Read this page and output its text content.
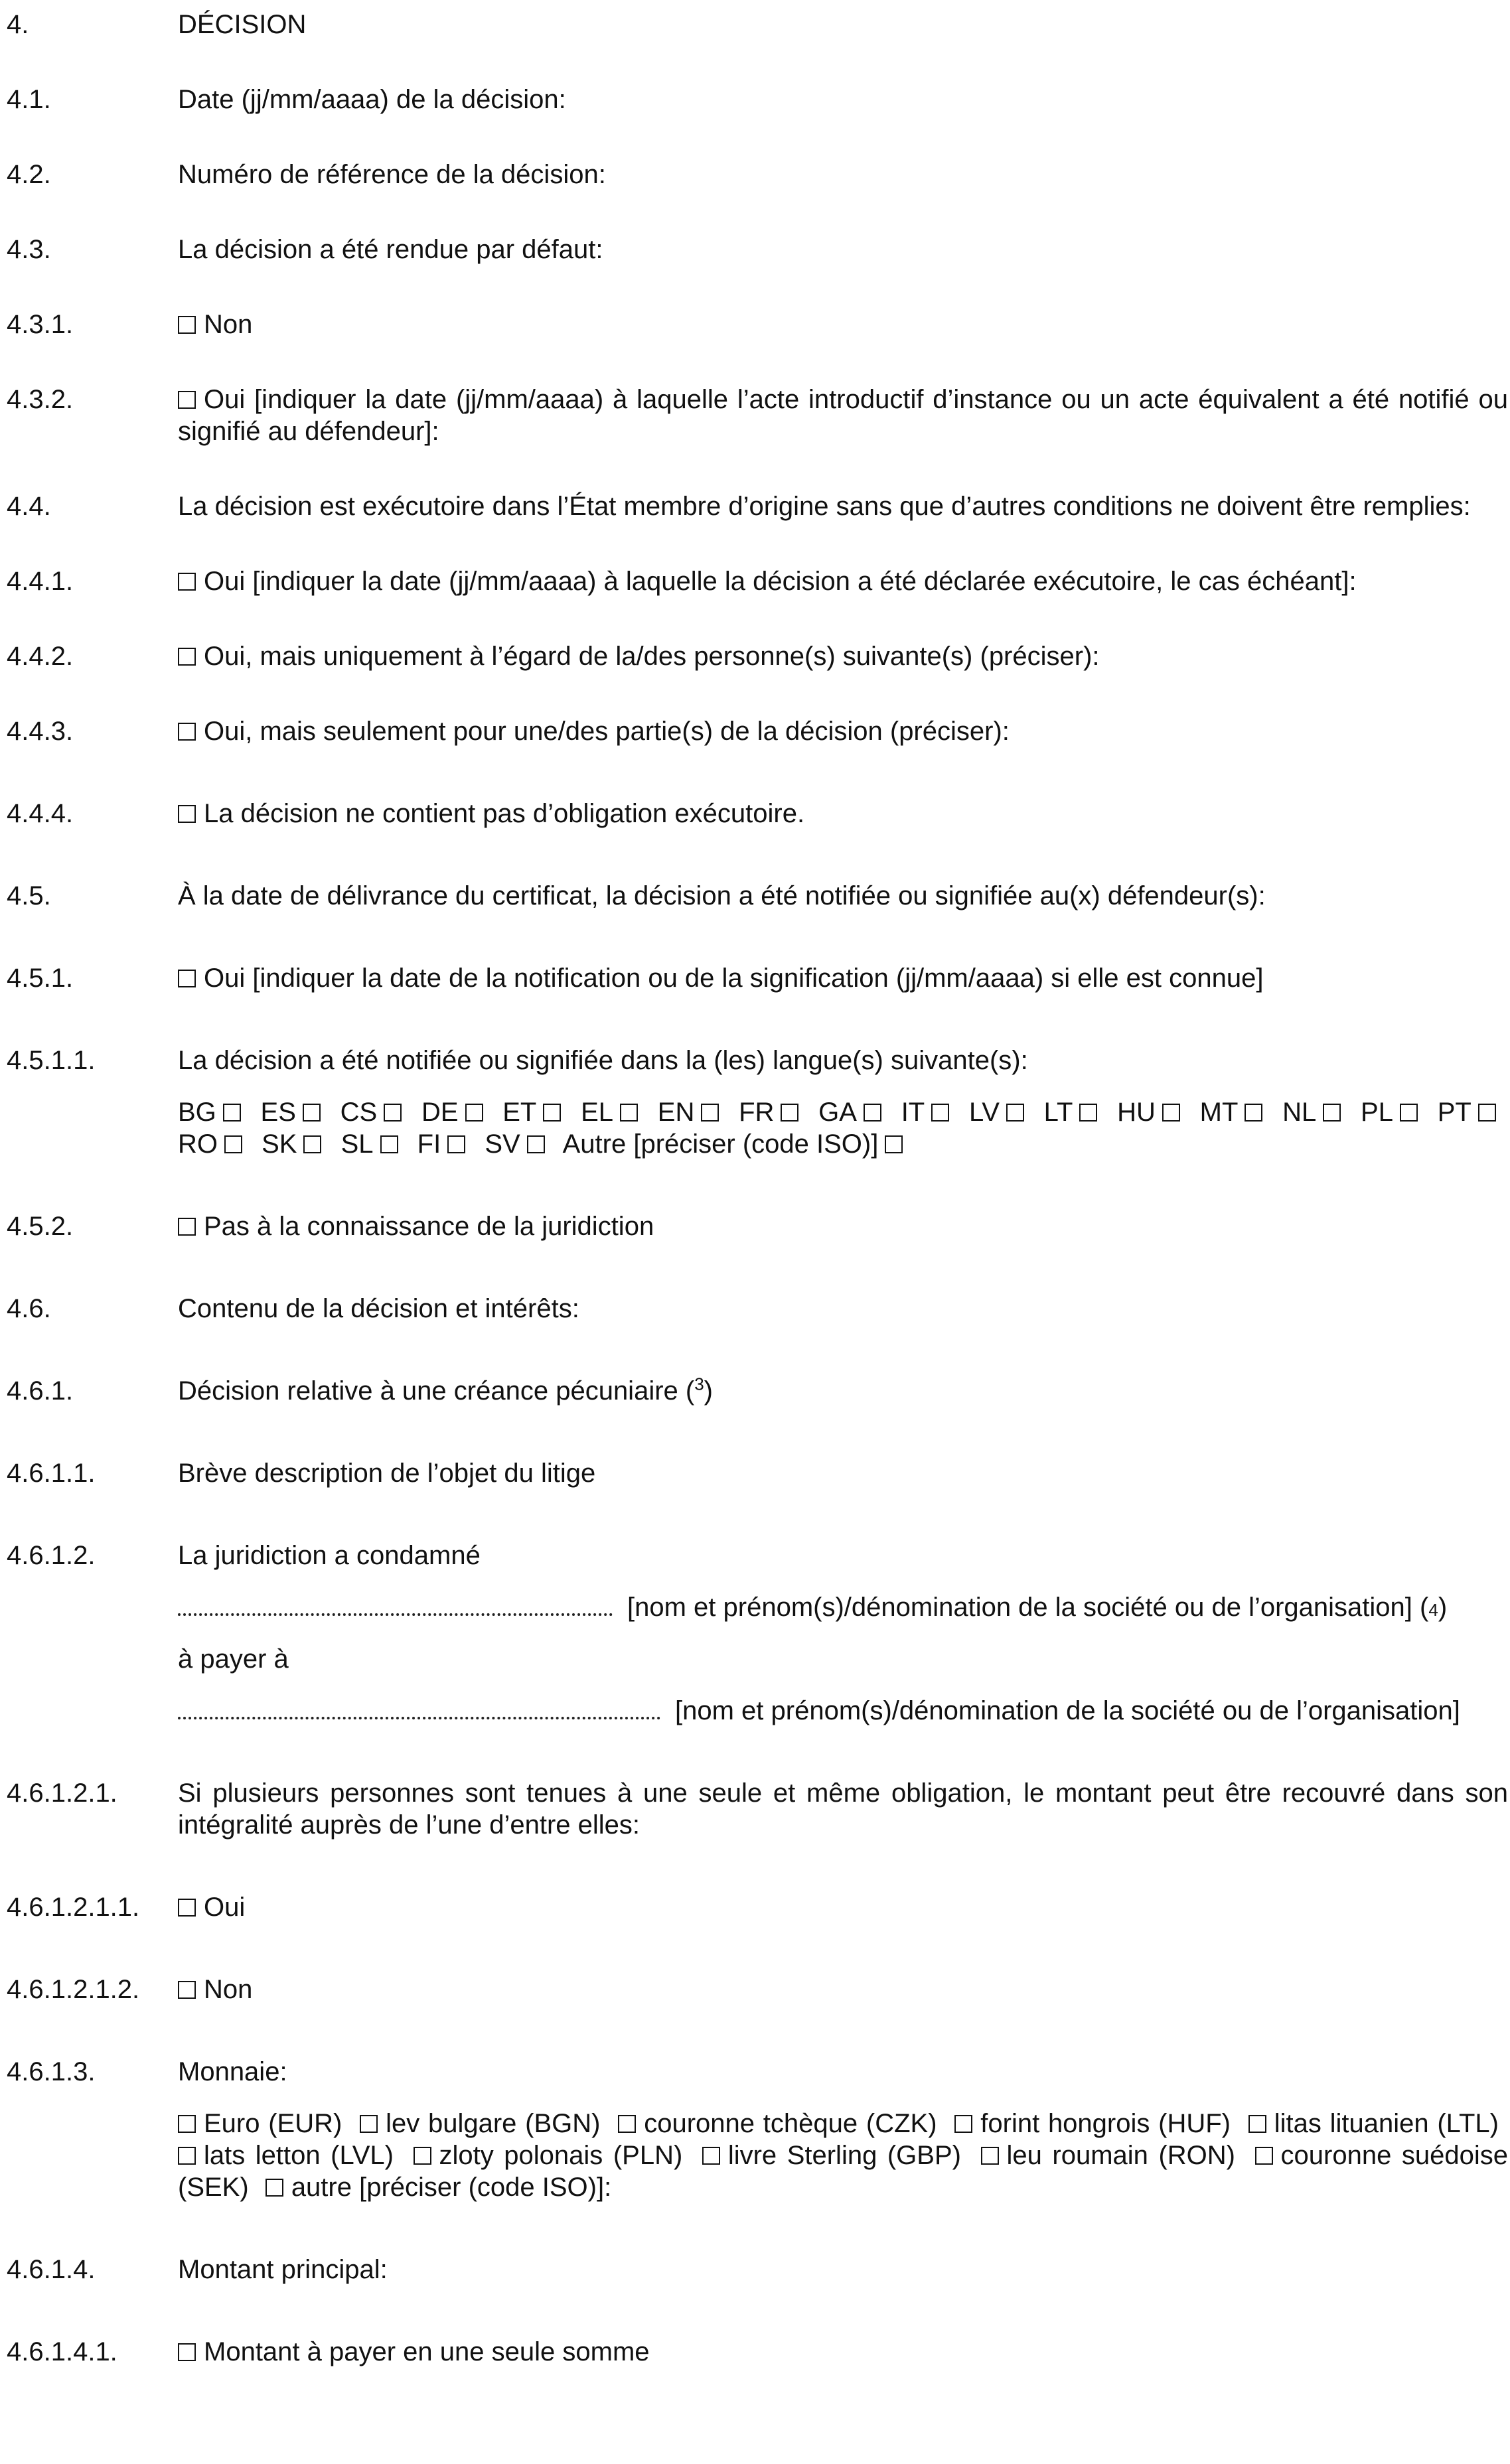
4.	DÉCISION
4.1.	Date (jj/mm/aaaa) de la décision:
4.2.	Numéro de référence de la décision:
4.3.	La décision a été rendue par défaut:
4.3.1.	Non
4.3.2.	Oui [indiquer la date (jj/mm/aaaa) à laquelle l’acte introductif d’instance ou un acte équivalent a été notifié ou signifié au défendeur]:
4.4.	La décision est exécutoire dans l’État membre d’origine sans que d’autres conditions ne doivent être remplies:
4.4.1.	Oui [indiquer la date (jj/mm/aaaa) à laquelle la décision a été déclarée exécutoire, le cas échéant]:
4.4.2.	Oui, mais uniquement à l’égard de la/des personne(s) suivante(s) (préciser):
4.4.3.	Oui, mais seulement pour une/des partie(s) de la décision (préciser):
4.4.4.	La décision ne contient pas d’obligation exécutoire.
4.5.	À la date de délivrance du certificat, la décision a été notifiée ou signifiée au(x) défendeur(s):
4.5.1.	Oui [indiquer la date de la notification ou de la signification (jj/mm/aaaa) si elle est connue]
4.5.1.1.	La décision a été notifiée ou signifiée dans la (les) langue(s) suivante(s):
BG ES CS DE ET EL EN FR GA IT LV LT HU MT NL PL PT RO SK SL FI SV Autre [préciser (code ISO)]
4.5.2.	Pas à la connaissance de la juridiction
4.6.	Contenu de la décision et intérêts:
4.6.1.	Décision relative à une créance pécuniaire ($^3$)
4.6.1.1.	Brève description de l’objet du litige
4.6.1.2.	La juridiction a condamné
[nom et prénom(s)/dénomination de la société ou de l’organisation] ( 4 )
à payer à
[nom et prénom(s)/dénomination de la société ou de l’organisation]
4.6.1.2.1.	Si plusieurs personnes sont tenues à une seule et même obligation, le montant peut être recouvré dans son intégralité auprès de l’une d’entre elles:
4.6.1.2.1.1.	Oui
4.6.1.2.1.2.	Non
4.6.1.3.	Monnaie:
Euro (EUR) lev bulgare (BGN) couronne tchèque (CZK) forint hongrois (HUF) litas lituanien (LTL) lats letton (LVL) zloty polonais (PLN) livre Sterling (GBP) leu roumain (RON) couronne suédoise (SEK) autre [préciser (code ISO)]:
4.6.1.4.	Montant principal:
4.6.1.4.1.	Montant à payer en une seule somme
